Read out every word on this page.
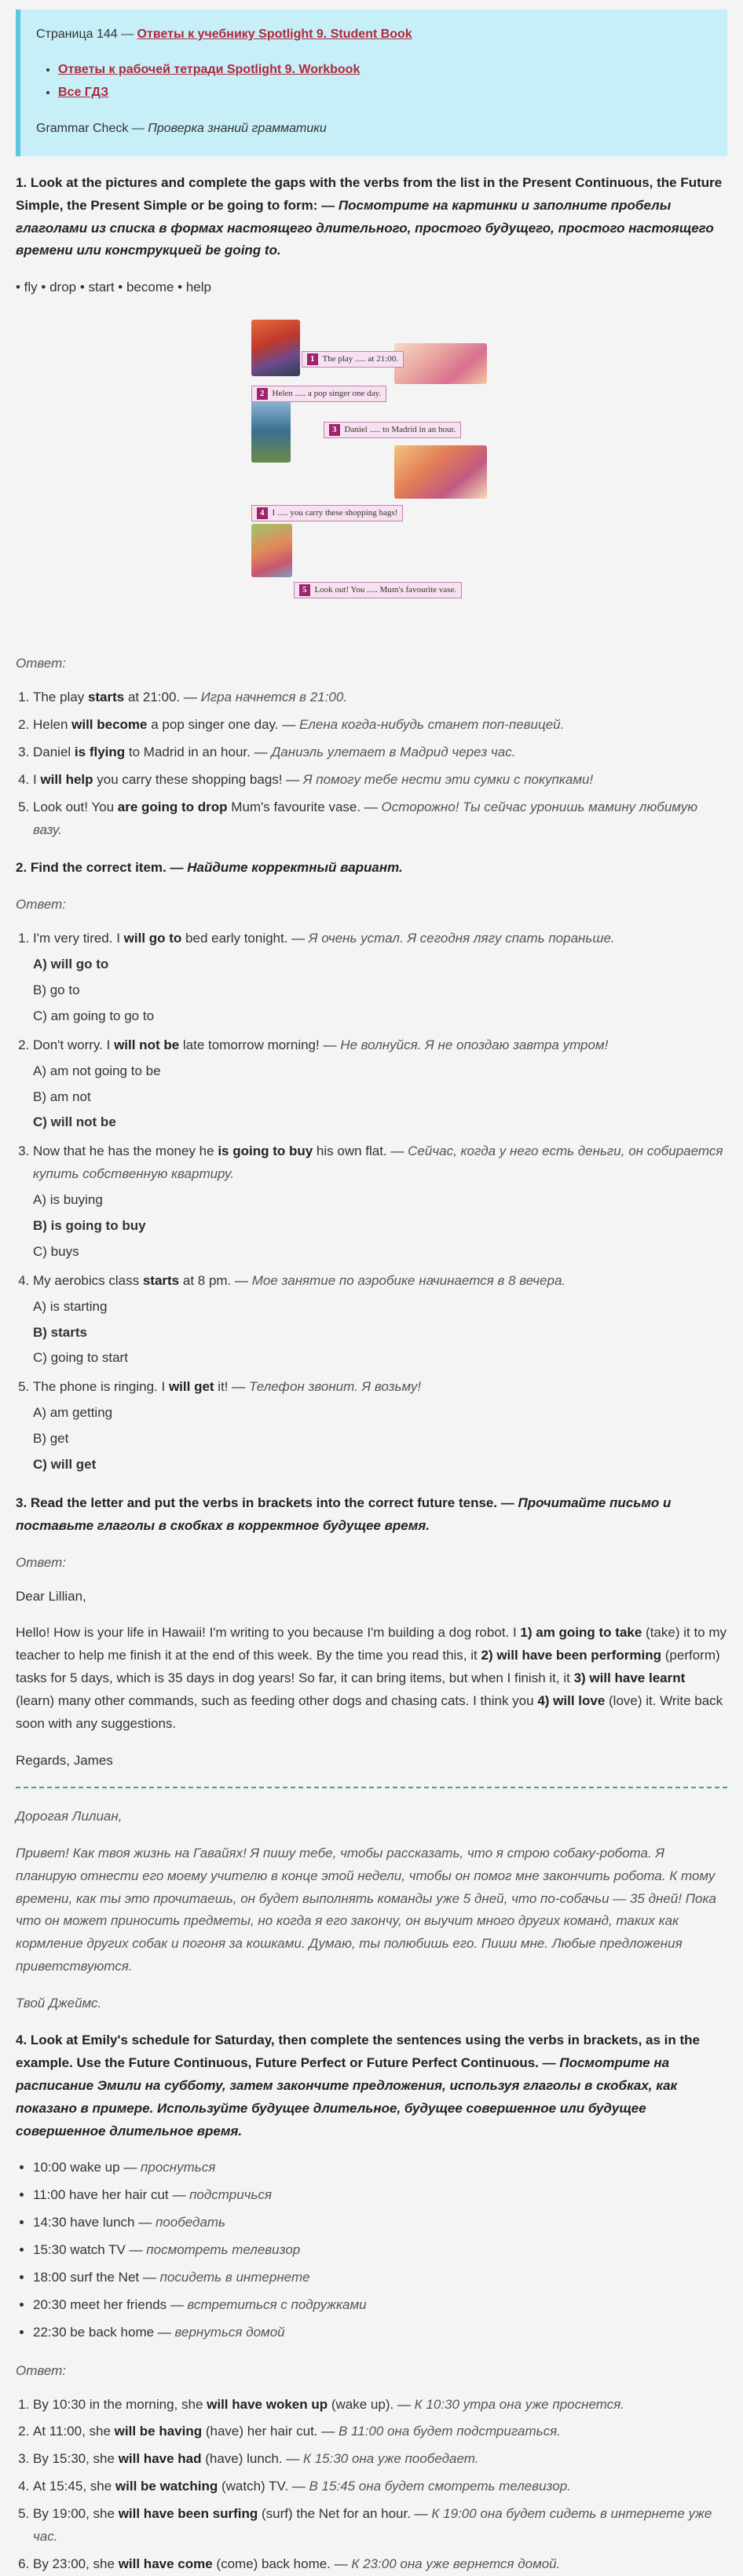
Страница 144 — Ответы к учебнику Spotlight 9. Student Book
• Ответы к рабочей тетради Spotlight 9. Workbook
• Все ГДЗ
Grammar Check — Проверка знаний грамматики

1. Look at the pictures and complete the gaps with the verbs from the list in the Present Continuous, the Future Simple, the Present Simple or be going to form: — Посмотрите на картинки и заполните пробелы глаголами из списка в формах настоящего длительного, простого будущего, простого настоящего времени или конструкцией be going to.

• fly • drop • start • become • help

1 The play ..... at 21:00.
2 Helen ..... a pop singer one day.
3 Daniel ..... to Madrid in an hour.
4 I ..... you carry these shopping bags!
5 Look out! You ..... Mum's favourite vase.

Ответ:

1. The play starts at 21:00. — Игра начнется в 21:00.
2. Helen will become a pop singer one day. — Елена когда-нибудь станет поп-певицей.
3. Daniel is flying to Madrid in an hour. — Даниэль улетает в Мадрид через час.
4. I will help you carry these shopping bags! — Я помогу тебе нести эти сумки с покупками!
5. Look out! You are going to drop Mum's favourite vase. — Осторожно! Ты сейчас уронишь мамину любимую вазу.

2. Find the correct item. — Найдите корректный вариант.

Ответ:

1. I'm very tired. I will go to bed early tonight. — Я очень устал. Я сегодня лягу спать пораньше.
A) will go to
B) go to
C) am going to go to
2. Don't worry. I will not be late tomorrow morning! — Не волнуйся. Я не опоздаю завтра утром!
A) am not going to be
B) am not
C) will not be
3. Now that he has the money he is going to buy his own flat. — Сейчас, когда у него есть деньги, он собирается купить собственную квартиру.
A) is buying
B) is going to buy
C) buys
4. My aerobics class starts at 8 pm. — Мое занятие по аэробике начинается в 8 вечера.
A) is starting
B) starts
C) going to start
5. The phone is ringing. I will get it! — Телефон звонит. Я возьму!
A) am getting
B) get
C) will get

3. Read the letter and put the verbs in brackets into the correct future tense. — Прочитайте письмо и поставьте глаголы в скобках в корректное будущее время.

Ответ:

Dear Lillian,

Hello! How is your life in Hawaii! I'm writing to you because I'm building a dog robot. I 1) am going to take (take) it to my teacher to help me finish it at the end of this week. By the time you read this, it 2) will have been performing (perform) tasks for 5 days, which is 35 days in dog years! So far, it can bring items, but when I finish it, it 3) will have learnt (learn) many other commands, such as feeding other dogs and chasing cats. I think you 4) will love (love) it. Write back soon with any suggestions.

Regards, James

Дорогая Лилиан,

Привет! Как твоя жизнь на Гавайях! Я пишу тебе, чтобы рассказать, что я строю собаку-робота. Я планирую отнести его моему учителю в конце этой недели, чтобы он помог мне закончить робота. К тому времени, как ты это прочитаешь, он будет выполнять команды уже 5 дней, что по-собачьи — 35 дней! Пока что он может приносить предметы, но когда я его закончу, он выучит много других команд, таких как кормление других собак и погоня за кошками. Думаю, ты полюбишь его. Пиши мне. Любые предложения приветствуются.

Твой Джеймс.

4. Look at Emily's schedule for Saturday, then complete the sentences using the verbs in brackets, as in the example. Use the Future Continuous, Future Perfect or Future Perfect Continuous. — Посмотрите на расписание Эмили на субботу, затем закончите предложения, используя глаголы в скобках, как показано в примере. Используйте будущее длительное, будущее совершенное или будущее совершенное длительное время.

• 10:00 wake up — проснуться
• 11:00 have her hair cut — подстричься
• 14:30 have lunch — пообедать
• 15:30 watch TV — посмотреть телевизор
• 18:00 surf the Net — посидеть в интернете
• 20:30 meet her friends — встретиться с подружками
• 22:30 be back home — вернуться домой

Ответ:

1. By 10:30 in the morning, she will have woken up (wake up). — К 10:30 утра она уже проснется.
2. At 11:00, she will be having (have) her hair cut. — В 11:00 она будет подстригаться.
3. By 15:30, she will have had (have) lunch. — К 15:30 она уже пообедает.
4. At 15:45, she will be watching (watch) TV. — В 15:45 она будет смотреть телевизор.
5. By 19:00, she will have been surfing (surf) the Net for an hour. — К 19:00 она будет сидеть в интернете уже час.
6. By 23:00, she will have come (come) back home. — К 23:00 она уже вернется домой.
